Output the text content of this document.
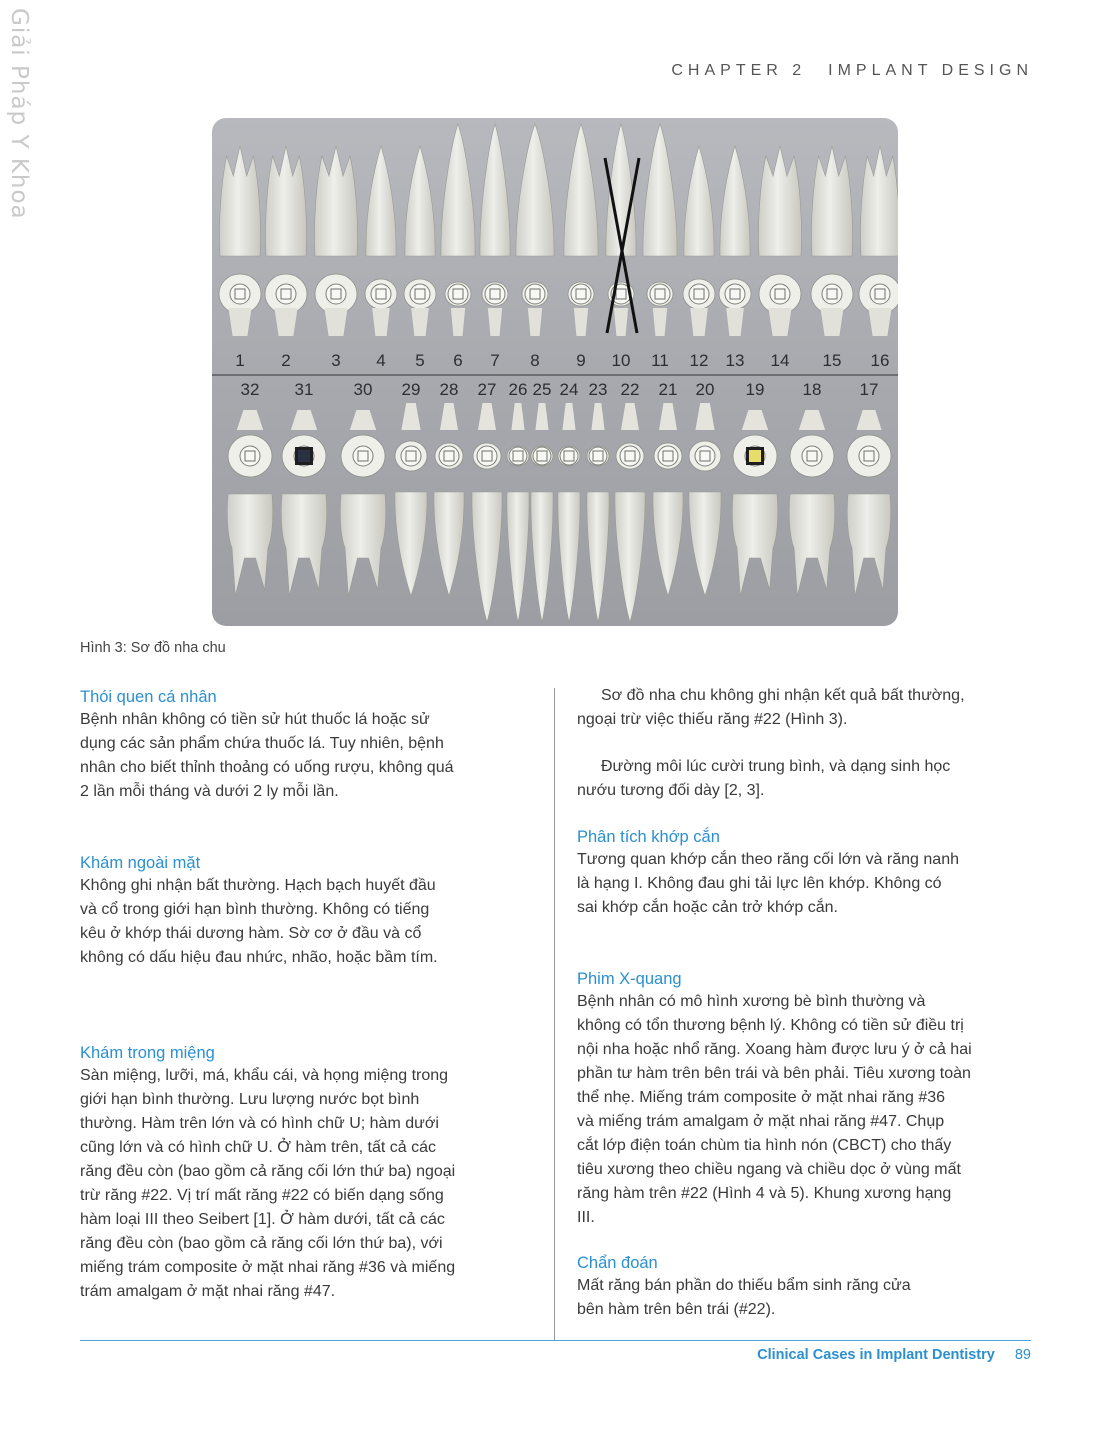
Giải Pháp Y Khoa	CHAPTER 2 IMPLANT DESIGN
1 2 3 4 5 6 7 8 9 10 11 12 13 14 15 16
32 31 30 29 28 27 26 25 24 23 22 21 20 19 18 17
Hình 3: Sơ đồ nha chu
Thói quen cá nhân

Bệnh nhân không có tiền sử hút thuốc lá hoặc sử
dụng các sản phẩm chứa thuốc lá. Tuy nhiên, bệnh
nhân cho biết thỉnh thoảng có uống rượu, không quá
2 lần mỗi tháng và dưới 2 ly mỗi lần.

Khám ngoài mặt

Không ghi nhận bất thường. Hạch bạch huyết đầu
và cổ trong giới hạn bình thường. Không có tiếng
kêu ở khớp thái dương hàm. Sờ cơ ở đầu và cổ
không có dấu hiệu đau nhức, nhão, hoặc bầm tím.

Khám trong miệng

Sàn miệng, lưỡi, má, khẩu cái, và họng miệng trong
giới hạn bình thường. Lưu lượng nước bọt bình
thường. Hàm trên lớn và có hình chữ U; hàm dưới
cũng lớn và có hình chữ U. Ở hàm trên, tất cả các
răng đều còn (bao gồm cả răng cối lớn thứ ba) ngoại
trừ răng #22. Vị trí mất răng #22 có biến dạng sống
hàm loại III theo Seibert [1]. Ở hàm dưới, tất cả các
răng đều còn (bao gồm cả răng cối lớn thứ ba), với
miếng trám composite ở mặt nhai răng #36 và miếng
trám amalgam ở mặt nhai răng #47.

Sơ đồ nha chu không ghi nhận kết quả bất thường,
ngoại trừ việc thiếu răng #22 (Hình 3).

Đường môi lúc cười trung bình, và dạng sinh học
nướu tương đối dày [2, 3].

Phân tích khớp cắn

Tương quan khớp cắn theo răng cối lớn và răng nanh
là hạng I. Không đau ghi tải lực lên khớp. Không có
sai khớp cắn hoặc cản trở khớp cắn.

Phim X-quang

Bệnh nhân có mô hình xương bè bình thường và
không có tổn thương bệnh lý. Không có tiền sử điều trị
nội nha hoặc nhổ răng. Xoang hàm được lưu ý ở cả hai
phần tư hàm trên bên trái và bên phải. Tiêu xương toàn
thể nhẹ. Miếng trám composite ở mặt nhai răng #36
và miếng trám amalgam ở mặt nhai răng #47. Chụp
cắt lớp điện toán chùm tia hình nón (CBCT) cho thấy
tiêu xương theo chiều ngang và chiều dọc ở vùng mất
răng hàm trên #22 (Hình 4 và 5). Khung xương hạng
III.

Chẩn đoán

Mất răng bán phần do thiếu bẩm sinh răng cửa
bên hàm trên bên trái (#22).

Clinical Cases in Implant Dentistry 89
